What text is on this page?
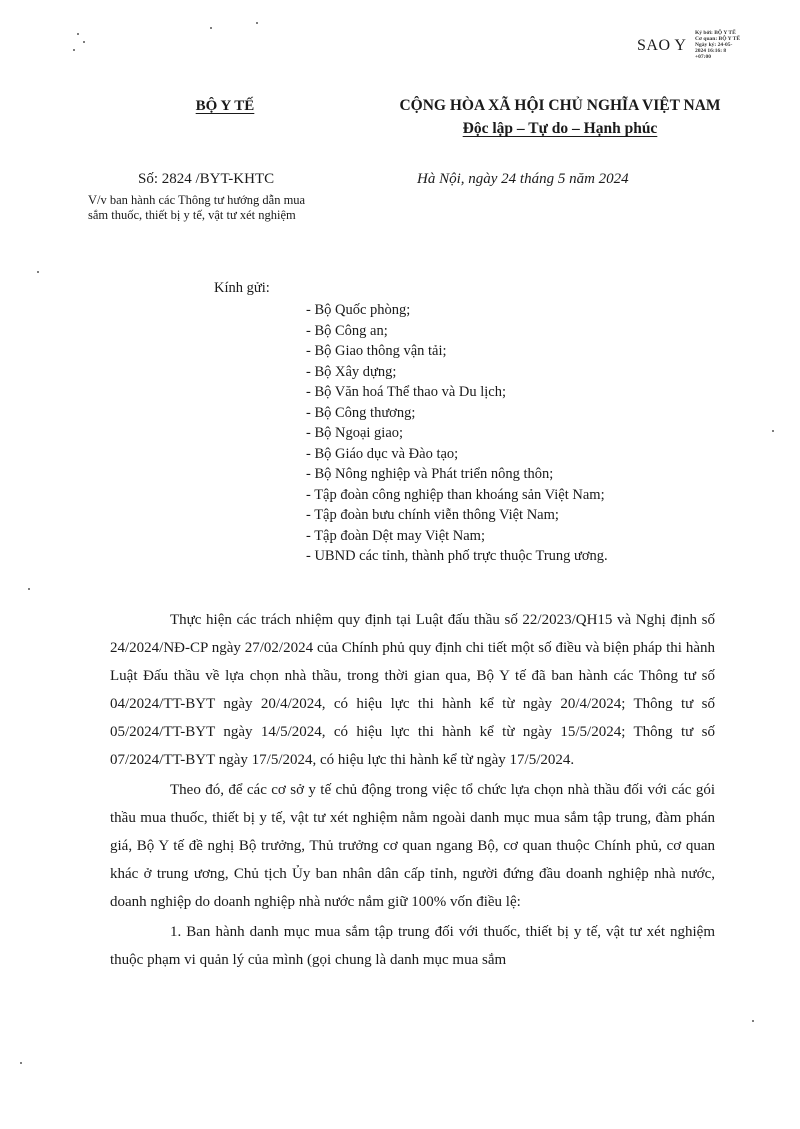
SAO Y
Ký bởi: BỘ Y TẾ
Cơ quan: BỘ Y TẾ
Ngày ký: 24-05-
2024 16:16: 8
+07:00
BỘ Y TẾ	CỘNG HÒA XÃ HỘI CHỦ NGHĨA VIỆT NAM
Độc lập – Tự do – Hạnh phúc
Số: 2824 /BYT-KHTC
V/v ban hành các Thông tư hướng dẫn mua
sắm thuốc, thiết bị y tế, vật tư xét nghiệm
Hà Nội, ngày 24 tháng 5 năm 2024
Kính gửi:
- Bộ Quốc phòng;
- Bộ Công an;
- Bộ Giao thông vận tải;
- Bộ Xây dựng;
- Bộ Văn hoá Thể thao và Du lịch;
- Bộ Công thương;
- Bộ Ngoại giao;
- Bộ Giáo dục và Đào tạo;
- Bộ Nông nghiệp và Phát triển nông thôn;
- Tập đoàn công nghiệp than khoáng sản Việt Nam;
- Tập đoàn bưu chính viễn thông Việt Nam;
- Tập đoàn Dệt may Việt Nam;
- UBND các tỉnh, thành phố trực thuộc Trung ương.

Thực hiện các trách nhiệm quy định tại Luật đấu thầu số 22/2023/QH15 và Nghị định số 24/2024/NĐ-CP ngày 27/02/2024 của Chính phủ quy định chi tiết một số điều và biện pháp thi hành Luật Đấu thầu về lựa chọn nhà thầu, trong thời gian qua, Bộ Y tế đã ban hành các Thông tư số 04/2024/TT-BYT ngày 20/4/2024, có hiệu lực thi hành kể từ ngày 20/4/2024; Thông tư số 05/2024/TT-BYT ngày 14/5/2024, có hiệu lực thi hành kể từ ngày 15/5/2024; Thông tư số 07/2024/TT-BYT ngày 17/5/2024, có hiệu lực thi hành kể từ ngày 17/5/2024.

Theo đó, để các cơ sở y tế chủ động trong việc tổ chức lựa chọn nhà thầu đối với các gói thầu mua thuốc, thiết bị y tế, vật tư xét nghiệm nằm ngoài danh mục mua sắm tập trung, đàm phán giá, Bộ Y tế đề nghị Bộ trưởng, Thủ trưởng cơ quan ngang Bộ, cơ quan thuộc Chính phủ, cơ quan khác ở trung ương, Chủ tịch Ủy ban nhân dân cấp tỉnh, người đứng đầu doanh nghiệp nhà nước, doanh nghiệp do doanh nghiệp nhà nước nắm giữ 100% vốn điều lệ:

1. Ban hành danh mục mua sắm tập trung đối với thuốc, thiết bị y tế, vật tư xét nghiệm thuộc phạm vi quản lý của mình (gọi chung là danh mục mua sắm
